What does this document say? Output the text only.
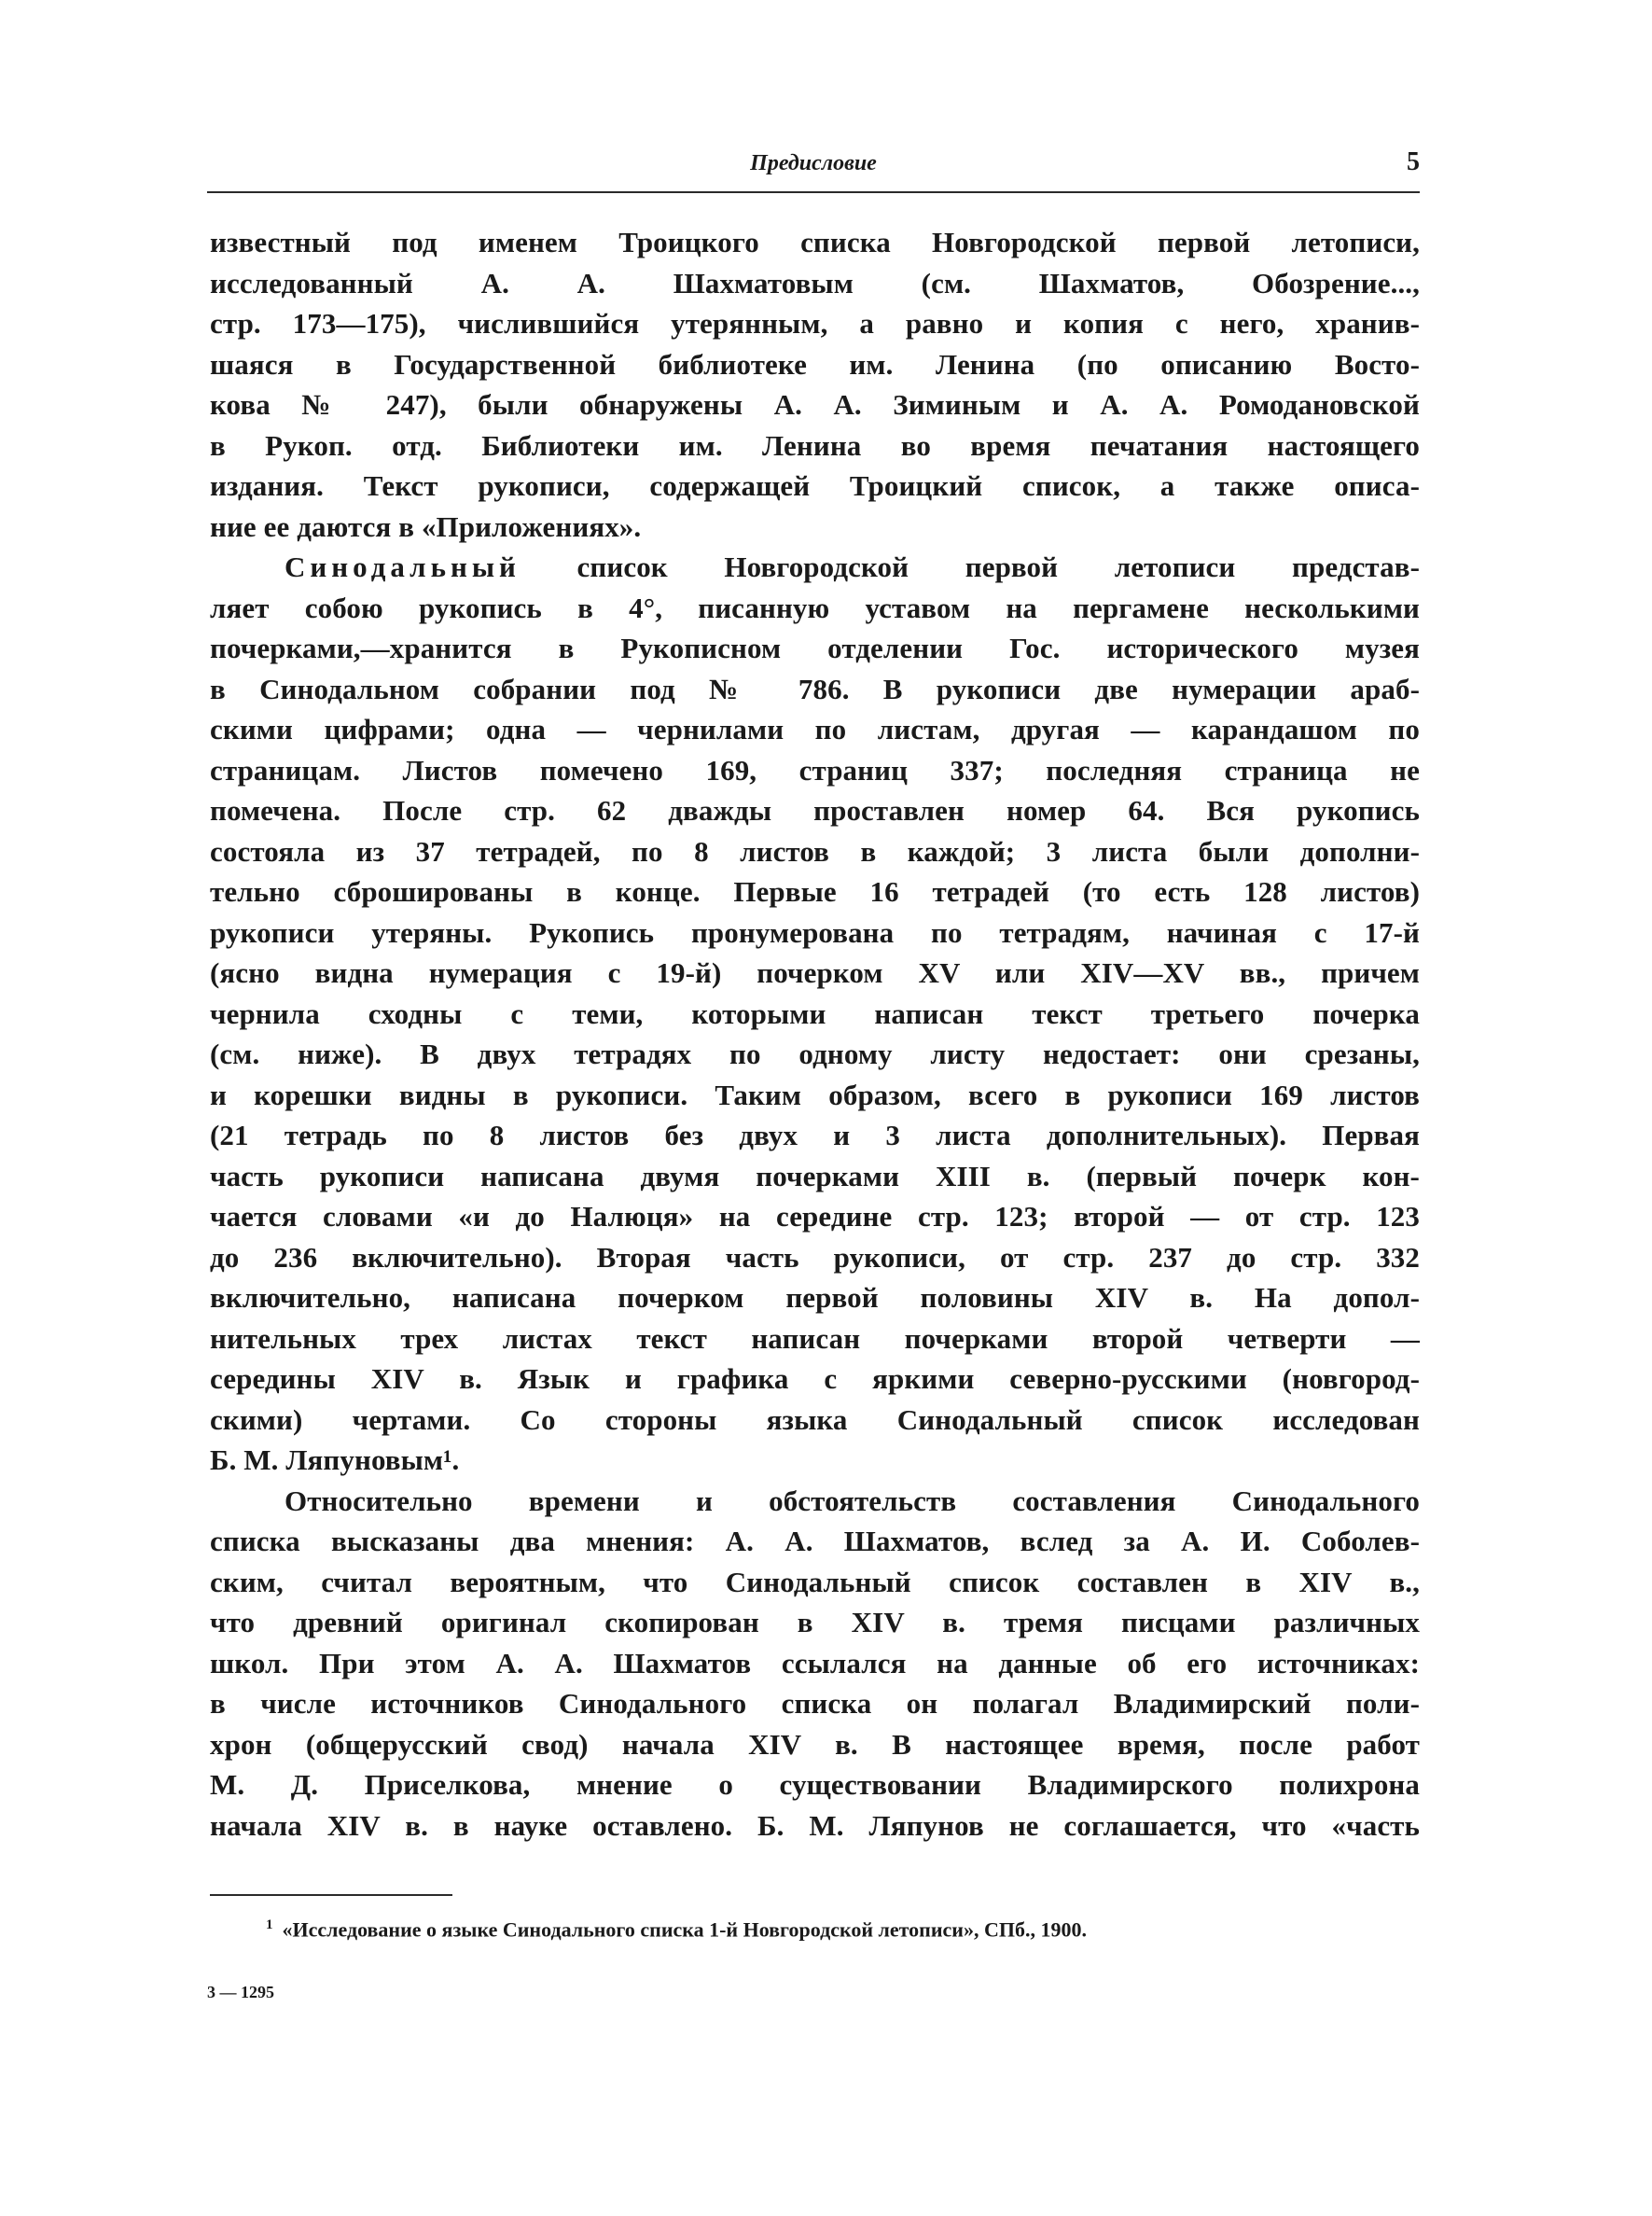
Предисловие	5
известный под именем Троицкого списка Новгородской первой летописи,
исследованный А. А. Шахматовым (см. Шахматов, Обозрение...,
стр. 173—175), числившийся утерянным, а равно и копия с него, хранив-
шаяся в Государственной библиотеке им. Ленина (по описанию Восто-
кова № 247), были обнаружены А. А. Зиминым и А. А. Ромодановской
в Рукоп. отд. Библиотеки им. Ленина во время печатания настоящего
издания. Текст рукописи, содержащей Троицкий список, а также описа-
ние ее даются в «Приложениях».
Синодальный список Новгородской первой летописи представ-
ляет собою рукопись в 4°, писанную уставом на пергамене несколькими
почерками,—хранится в Рукописном отделении Гос. исторического музея
в Синодальном собрании под № 786. В рукописи две нумерации араб-
скими цифрами; одна — чернилами по листам, другая — карандашом по
страницам. Листов помечено 169, страниц 337; последняя страница не
помечена. После стр. 62 дважды проставлен номер 64. Вся рукопись
состояла из 37 тетрадей, по 8 листов в каждой; 3 листа были дополни-
тельно сброшированы в конце. Первые 16 тетрадей (то есть 128 листов)
рукописи утеряны. Рукопись пронумерована по тетрадям, начиная с 17-й
(ясно видна нумерация с 19-й) почерком XV или XIV—XV вв., причем
чернила сходны с теми, которыми написан текст третьего почерка
(см. ниже). В двух тетрадях по одному листу недостает: они срезаны,
и корешки видны в рукописи. Таким образом, всего в рукописи 169 листов
(21 тетрадь по 8 листов без двух и 3 листа дополнительных). Первая
часть рукописи написана двумя почерками XIII в. (первый почерк кон-
чается словами «и до Налюця» на середине стр. 123; второй — от стр. 123
до 236 включительно). Вторая часть рукописи, от стр. 237 до стр. 332
включительно, написана почерком первой половины XIV в. На допол-
нительных трех листах текст написан почерками второй четверти —
середины XIV в. Язык и графика с яркими северно-русскими (новгород-
скими) чертами. Со стороны языка Синодальный список исследован
Б. М. Ляпуновым¹.
Относительно времени и обстоятельств составления Синодального
списка высказаны два мнения: А. А. Шахматов, вслед за А. И. Соболев-
ским, считал вероятным, что Синодальный список составлен в XIV в.,
что древний оригинал скопирован в XIV в. тремя писцами различных
школ. При этом А. А. Шахматов ссылался на данные об его источниках:
в числе источников Синодального списка он полагал Владимирский поли-
хрон (общерусский свод) начала XIV в. В настоящее время, после работ
М. Д. Приселкова, мнение о существовании Владимирского полихрона
начала XIV в. в науке оставлено. Б. М. Ляпунов не соглашается, что «часть
$^1$ «Исследование о языке Синодального списка 1-й Новгородской летописи», СПб., 1900.
3 — 1295
